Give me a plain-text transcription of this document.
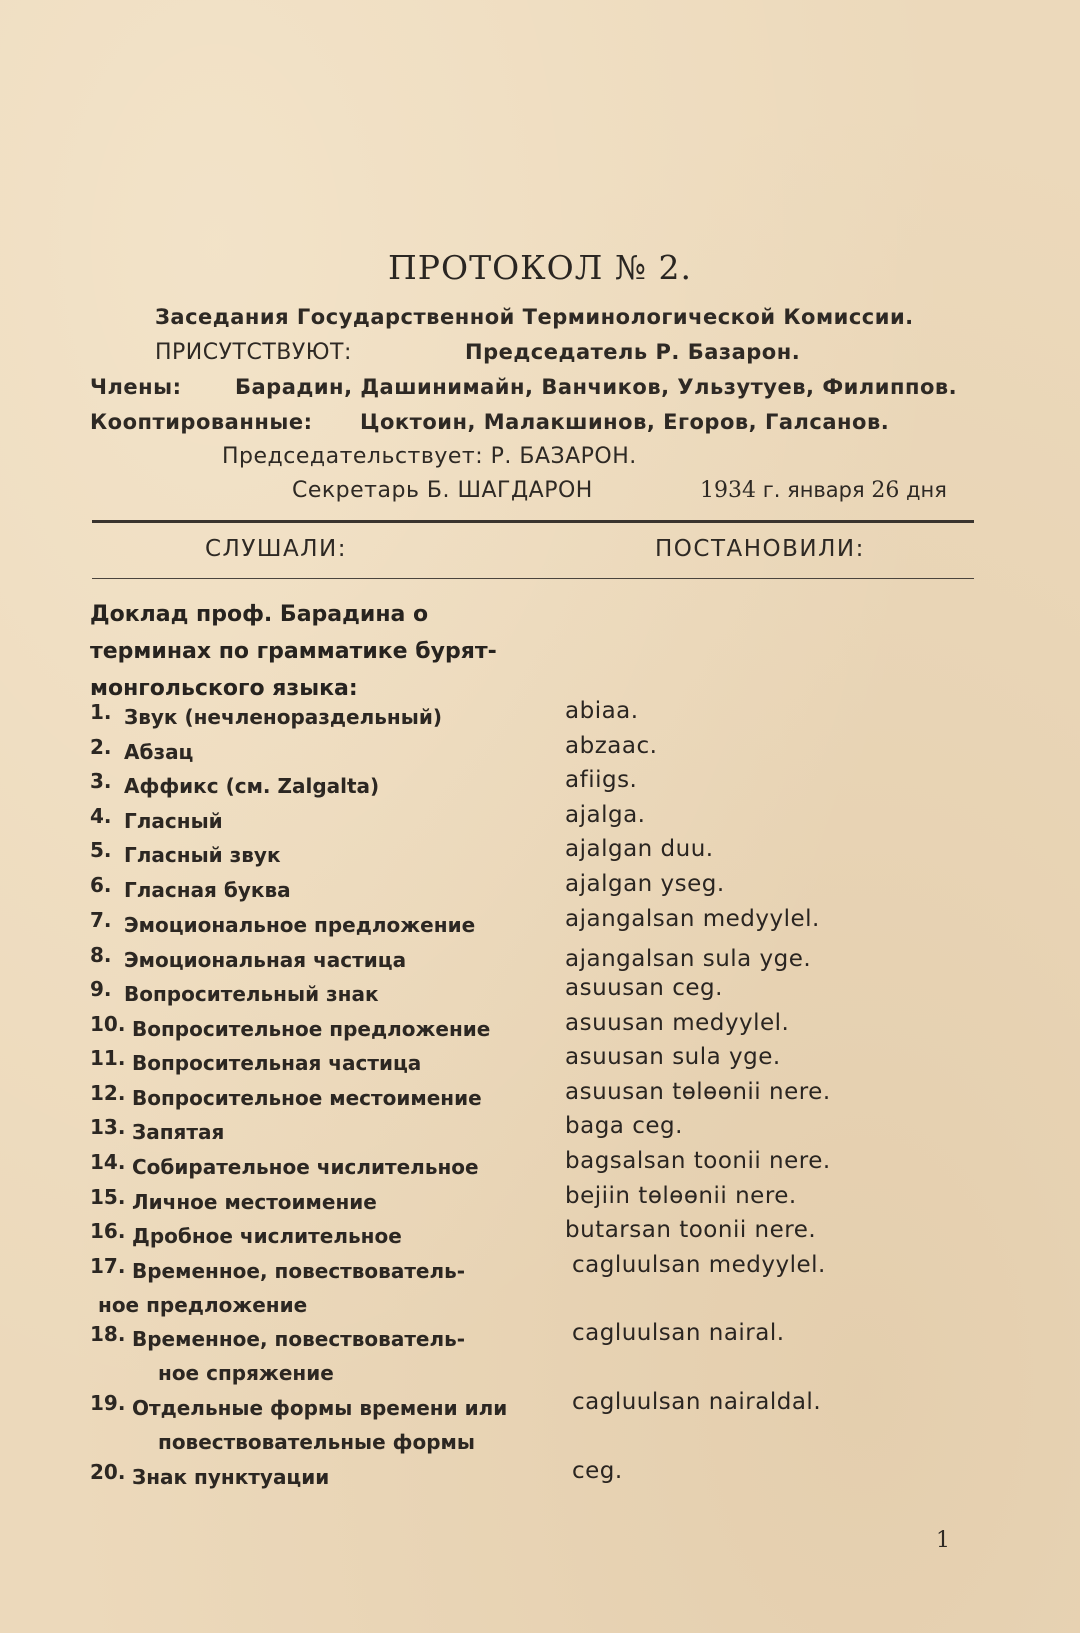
ПРОТОКОЛ № 2.
Заседания Государственной Терминологической Комиссии.
ПРИСУТСТВУЮТ:	Председатель Р. Базарон.
Члены:	Барадин, Дашинимайн, Ванчиков, Ульзутуев, Филиппов.
Кооптированные: Цоктоин, Малакшинов, Егоров, Галсанов.
Председательствует: Р. БАЗАРОН.
Секретарь Б. ШАГДАРОН	1934 г. января 26 дня
СЛУШАЛИ:	ПОСТАНОВИЛИ:
Доклад проф. Барадина о терминах по грамматике бурят-монгольского языка:
1. Звук (нечленораздельный)	abiaa.
2. Абзац	abzaac.
3. Аффикс (см. Zalgalta)	afiigs.
4. Гласный	ajalga.
5. Гласный звук	ajalgan duu.
6. Гласная буква	ajalgan yseg.
7. Эмоциональное предложение	ajangalsan medyylel.
8. Эмоциональная частица	ajangalsan sula yge.
9. Вопросительный знак	asuusan ceg.
10. Вопросительное предложение	asuusan medyylel.
11. Вопросительная частица	asuusan sula yge.
12. Вопросительное местоимение	asuusan tөlөөnii nere.
13. Запятая	baga ceg.
14. Собирательное числительное	bagsalsan toonii nere.
15. Личное местоимение	bejiin tөlөөnii nere.
16. Дробное числительное	butarsan toonii nere.
17. Временное, повествователь-
ное предложение
cagluulsan medyylel.
18. Временное, повествователь-
ное спряжение
cagluulsan nairal.
19. Отдельные формы времени или
повествовательные формы
cagluulsan nairaldal.
20. Знак пунктуации	ceg.
1
